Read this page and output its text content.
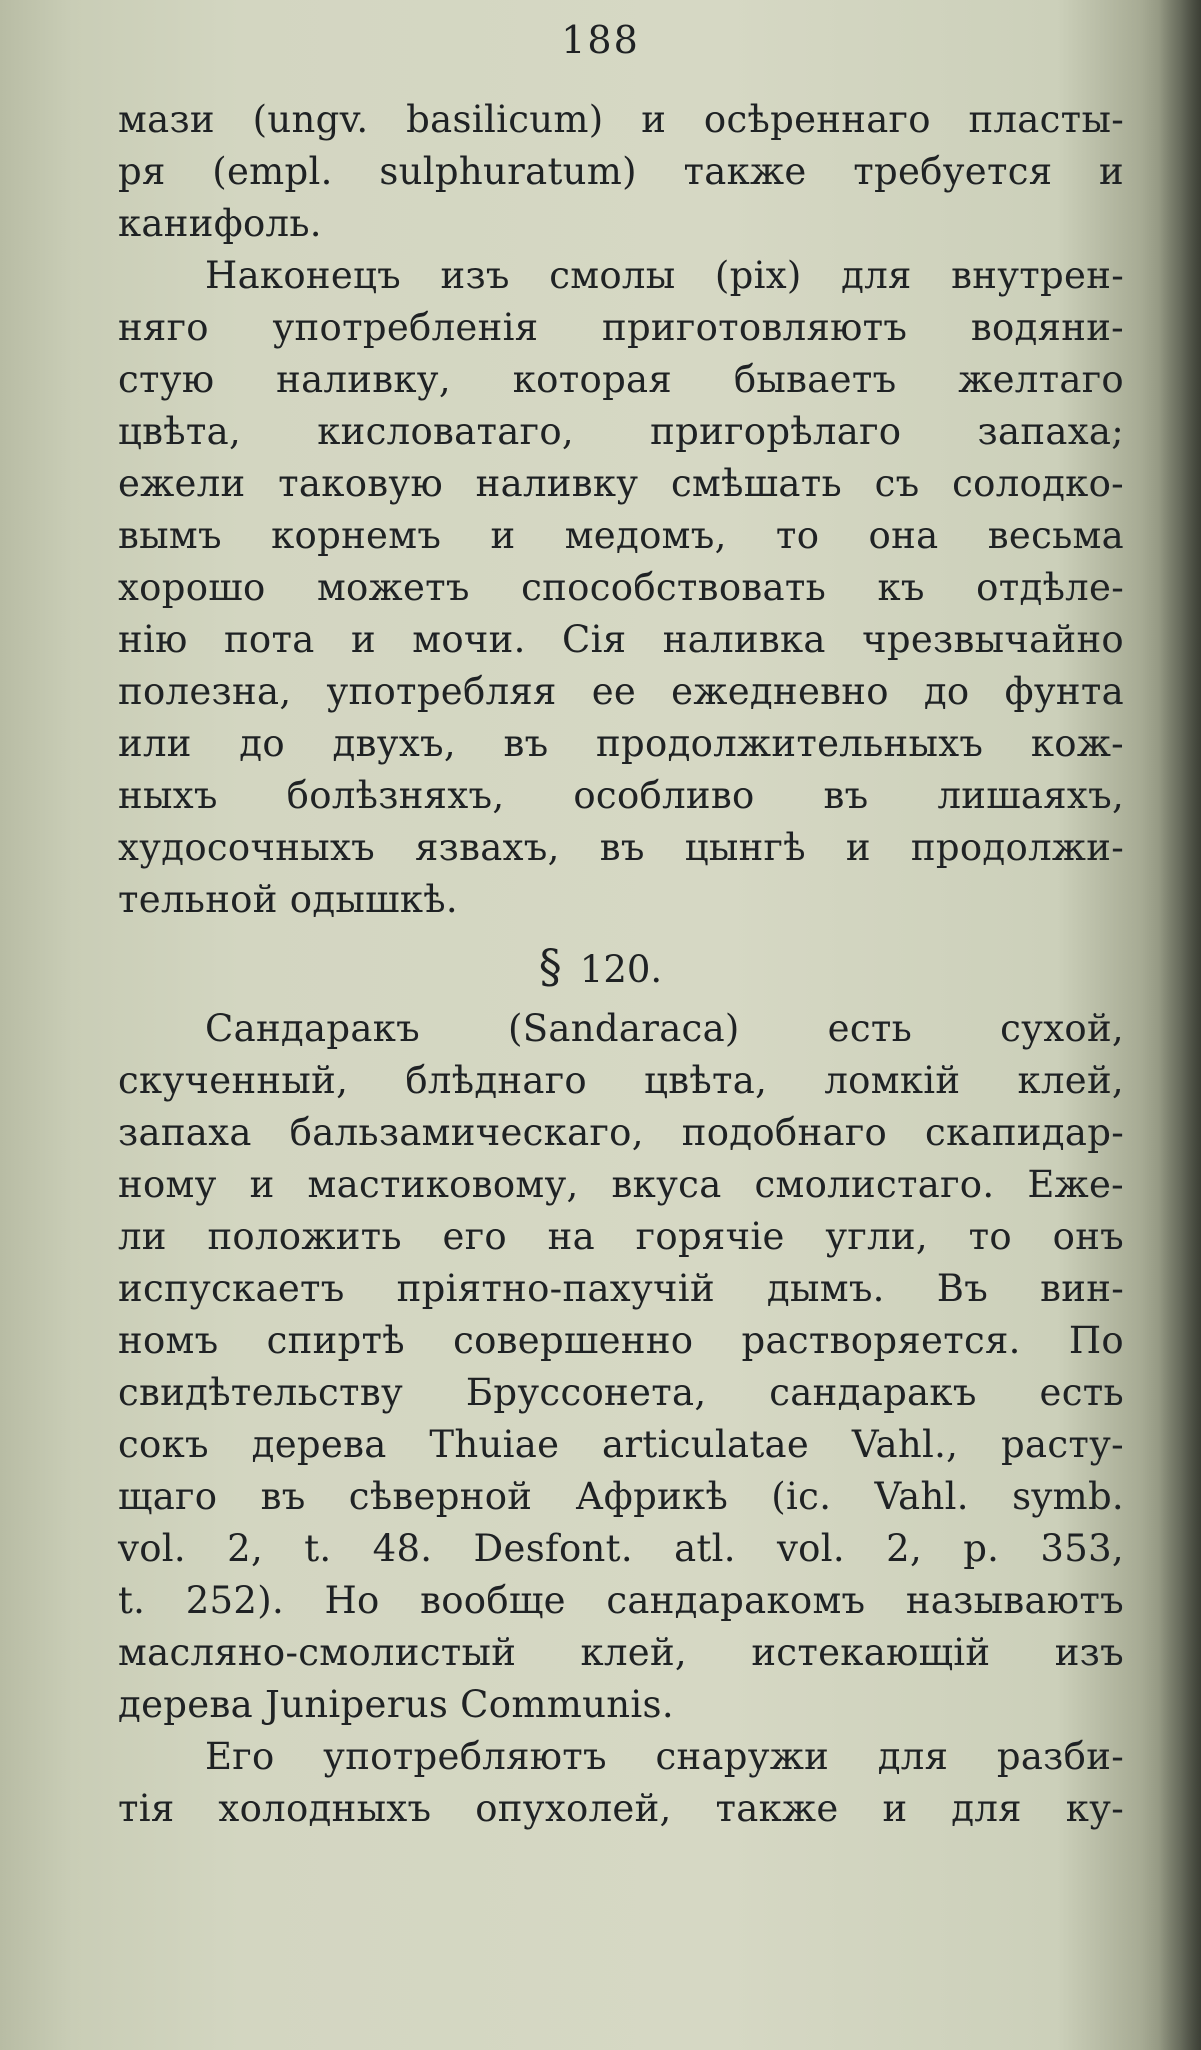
188
мази (ungv. basilicum) и осѣреннаго пласты-
ря (empl. sulphuratum) также требуется и
канифоль.
Наконецъ изъ смолы (pix) для внутрен-
няго употребленія приготовляютъ водяни-
стую наливку, которая бываетъ желтаго
цвѣта, кисловатаго, пригорѣлаго запаха;
ежели таковую наливку смѣшать съ солодко-
вымъ корнемъ и медомъ, то она весьма
хорошо можетъ способствовать къ отдѣле-
нію пота и мочи. Сія наливка чрезвычайно
полезна, употребляя ее ежедневно до фунта
или до двухъ, въ продолжительныхъ кож-
ныхъ болѣзняхъ, особливо въ лишаяхъ,
худосочныхъ язвахъ, въ цынгѣ и продолжи-
тельной одышкѣ.
§ 120.
Сандаракъ (Sandaraca) есть сухой,
скученный, блѣднаго цвѣта, ломкій клей,
запаха бальзамическаго, подобнаго скапидар-
ному и мастиковому, вкуса смолистаго. Еже-
ли положить его на горячіе угли, то онъ
испускаетъ пріятно-пахучій дымъ. Въ вин-
номъ спиртѣ совершенно растворяется. По
свидѣтельству Бруссонета, сандаракъ есть
сокъ дерева Thuiae articulatae Vahl., расту-
щаго въ сѣверной Африкѣ (ic. Vahl. symb.
vol. 2, t. 48. Desfont. atl. vol. 2, p. 353,
t. 252). Но вообще сандаракомъ называютъ
масляно-смолистый клей, истекающій изъ
дерева Juniperus Communis.
Его употребляютъ снаружи для разби-
тія холодныхъ опухолей, также и для ку-
